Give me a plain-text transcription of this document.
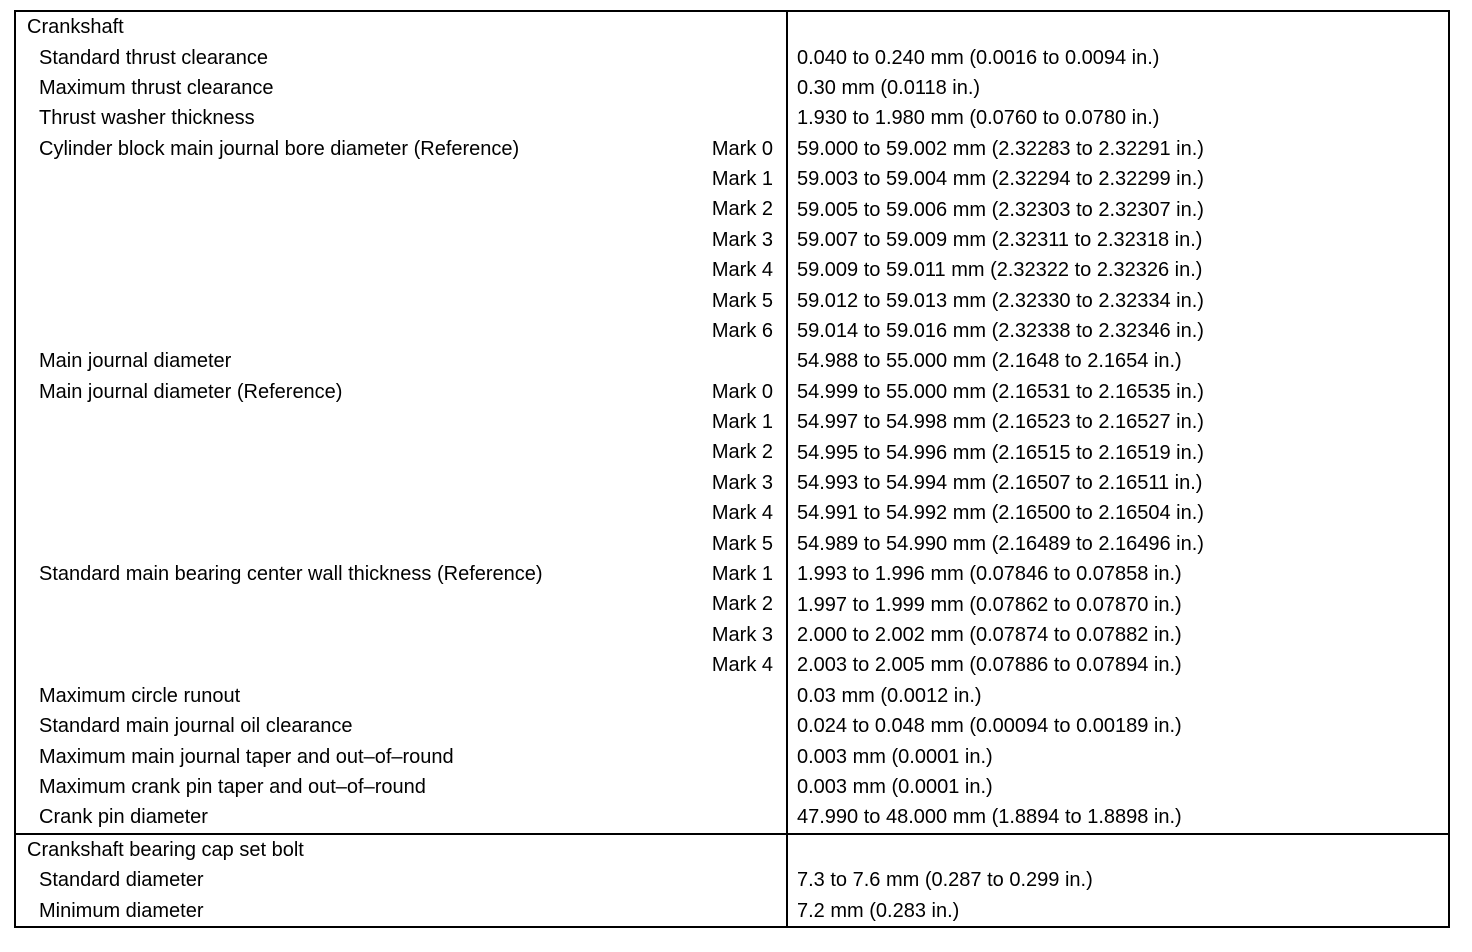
Crankshaft	
Standard thrust clearance	0.040 to 0.240 mm (0.0016 to 0.0094 in.)
Maximum thrust clearance	0.30 mm (0.0118 in.)
Thrust washer thickness	1.930 to 1.980 mm (0.0760 to 0.0780 in.)
Cylinder block main journal bore diameter (Reference) Mark 0	59.000 to 59.002 mm (2.32283 to 2.32291 in.)

Mark 1	59.003 to 59.004 mm (2.32294 to 2.32299 in.)

Mark 2	59.005 to 59.006 mm (2.32303 to 2.32307 in.)

Mark 3	59.007 to 59.009 mm (2.32311 to 2.32318 in.)

Mark 4	59.009 to 59.011 mm (2.32322 to 2.32326 in.)

Mark 5	59.012 to 59.013 mm (2.32330 to 2.32334 in.)

Mark 6	59.014 to 59.016 mm (2.32338 to 2.32346 in.)
Main journal diameter	54.988 to 55.000 mm (2.1648 to 2.1654 in.)
Main journal diameter (Reference) Mark 0	54.999 to 55.000 mm (2.16531 to 2.16535 in.)

Mark 1	54.997 to 54.998 mm (2.16523 to 2.16527 in.)

Mark 2	54.995 to 54.996 mm (2.16515 to 2.16519 in.)

Mark 3	54.993 to 54.994 mm (2.16507 to 2.16511 in.)

Mark 4	54.991 to 54.992 mm (2.16500 to 2.16504 in.)

Mark 5	54.989 to 54.990 mm (2.16489 to 2.16496 in.)
Standard main bearing center wall thickness (Reference) Mark 1	1.993 to 1.996 mm (0.07846 to 0.07858 in.)

Mark 2	1.997 to 1.999 mm (0.07862 to 0.07870 in.)

Mark 3	2.000 to 2.002 mm (0.07874 to 0.07882 in.)

Mark 4	2.003 to 2.005 mm (0.07886 to 0.07894 in.)
Maximum circle runout	0.03 mm (0.0012 in.)
Standard main journal oil clearance	0.024 to 0.048 mm (0.00094 to 0.00189 in.)
Maximum main journal taper and out–of–round	0.003 mm (0.0001 in.)
Maximum crank pin taper and out–of–round	0.003 mm (0.0001 in.)
Crank pin diameter	47.990 to 48.000 mm (1.8894 to 1.8898 in.)
Crankshaft bearing cap set bolt	
Standard diameter	7.3 to 7.6 mm (0.287 to 0.299 in.)
Minimum diameter	7.2 mm (0.283 in.)
